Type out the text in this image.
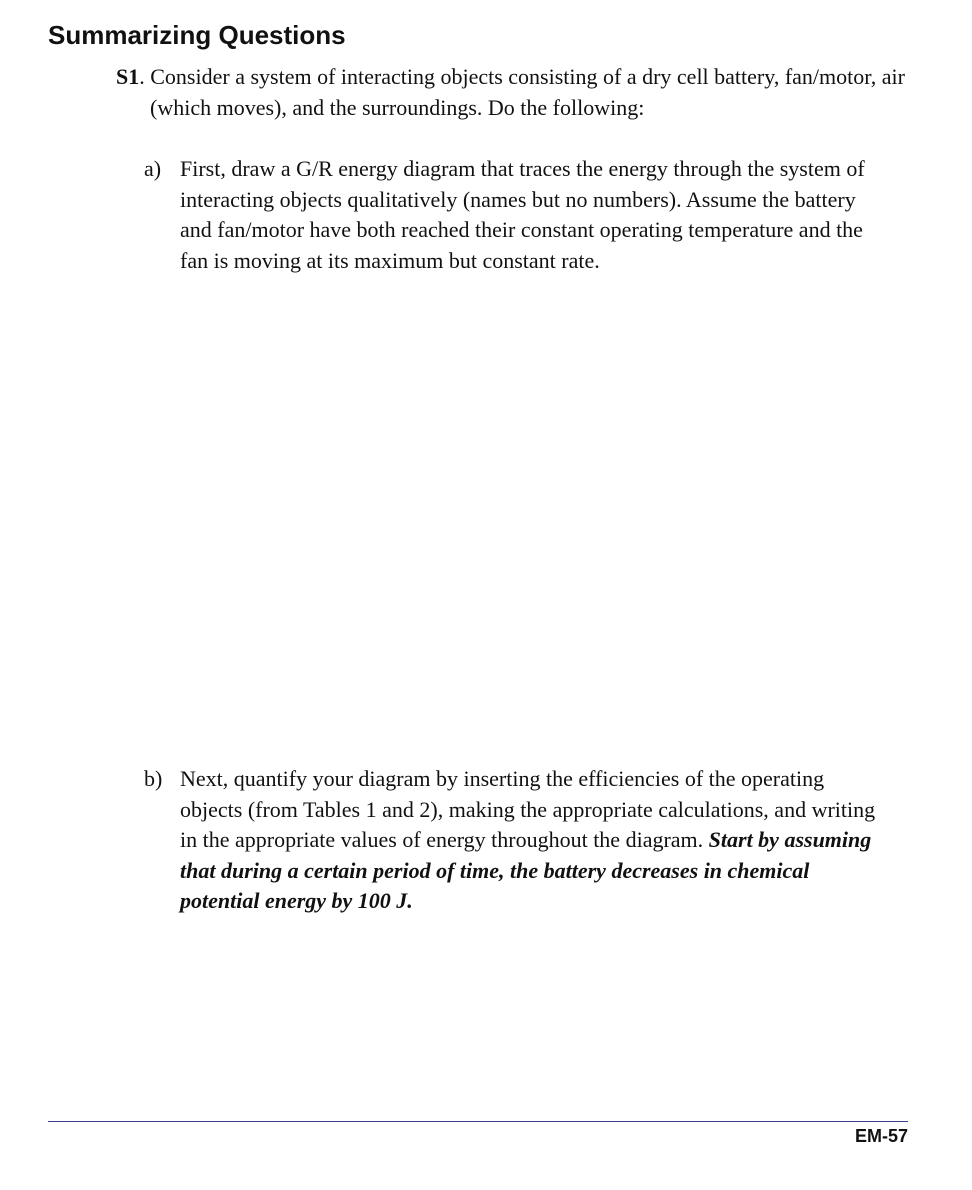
Summarizing Questions

S1. Consider a system of interacting objects consisting of a dry cell battery, fan/motor, air (which moves), and the surroundings. Do the following:

a) First, draw a G/R energy diagram that traces the energy through the system of interacting objects qualitatively (names but no numbers). Assume the battery and fan/motor have both reached their constant operating temperature and the fan is moving at its maximum but constant rate.

b) Next, quantify your diagram by inserting the efficiencies of the operating objects (from Tables 1 and 2), making the appropriate calculations, and writing in the appropriate values of energy throughout the diagram. Start by assuming that during a certain period of time, the battery decreases in chemical potential energy by 100 J.

EM-57
